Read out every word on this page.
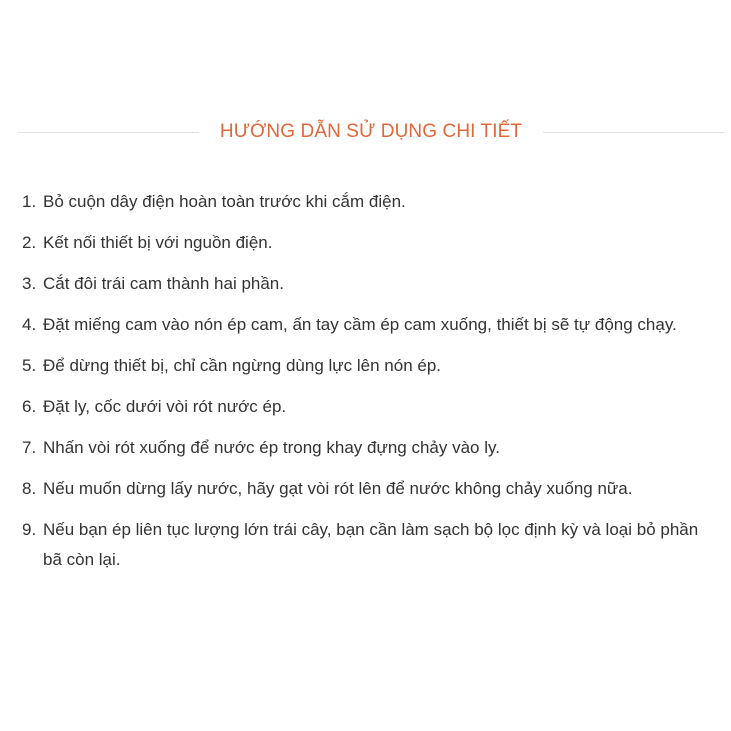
HƯỚNG DẪN SỬ DỤNG CHI TIẾT
1. Bỏ cuộn dây điện hoàn toàn trước khi cắm điện.
2. Kết nối thiết bị với nguồn điện.
3. Cắt đôi trái cam thành hai phần.
4. Đặt miếng cam vào nón ép cam, ấn tay cầm ép cam xuống, thiết bị sẽ tự động chạy.
5. Để dừng thiết bị, chỉ cần ngừng dùng lực lên nón ép.
6. Đặt ly, cốc dưới vòi rót nước ép.
7. Nhấn vòi rót xuống để nước ép trong khay đựng chảy vào ly.
8. Nếu muốn dừng lấy nước, hãy gạt vòi rót lên để nước không chảy xuống nữa.
9. Nếu bạn ép liên tục lượng lớn trái cây, bạn cần làm sạch bộ lọc định kỳ và loại bỏ phần bã còn lại.
